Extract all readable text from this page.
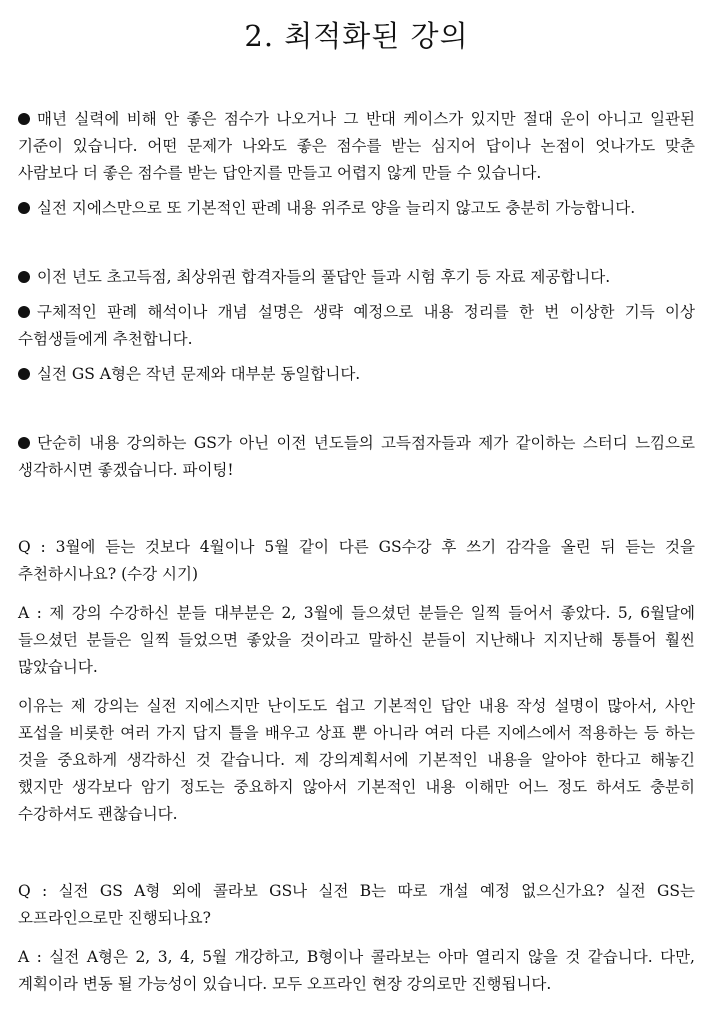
2. 최적화된 강의

매년 실력에 비해 안 좋은 점수가 나오거나 그 반대 케이스가 있지만 절대 운이 아니고 일관된 기준이 있습니다. 어떤 문제가 나와도 좋은 점수를 받는 심지어 답이나 논점이 엇나가도 맞춘 사람보다 더 좋은 점수를 받는 답안지를 만들고 어렵지 않게 만들 수 있습니다.

실전 지에스만으로 또 기본적인 판례 내용 위주로 양을 늘리지 않고도 충분히 가능합니다.

이전 년도 초고득점, 최상위권 합격자들의 풀답안 들과 시험 후기 등 자료 제공합니다.

구체적인 판례 해석이나 개념 설명은 생략 예정으로 내용 정리를 한 번 이상한 기득 이상 수험생들에게 추천합니다.

실전 GS A형은 작년 문제와 대부분 동일합니다.

단순히 내용 강의하는 GS가 아닌 이전 년도들의 고득점자들과 제가 같이하는 스터디 느낌으로 생각하시면 좋겠습니다. 파이팅!

Q : 3월에 듣는 것보다 4월이나 5월 같이 다른 GS수강 후 쓰기 감각을 올린 뒤 듣는 것을 추천하시나요? (수강 시기)

A : 제 강의 수강하신 분들 대부분은 2, 3월에 들으셨던 분들은 일찍 들어서 좋았다. 5, 6월달에 들으셨던 분들은 일찍 들었으면 좋았을 것이라고 말하신 분들이 지난해나 지지난해 통틀어 훨씬 많았습니다.

이유는 제 강의는 실전 지에스지만 난이도도 쉽고 기본적인 답안 내용 작성 설명이 많아서, 사안 포섭을 비롯한 여러 가지 답지 틀을 배우고 상표 뿐 아니라 여러 다른 지에스에서 적용하는 등 하는 것을 중요하게 생각하신 것 같습니다. 제 강의계획서에 기본적인 내용을 알아야 한다고 해놓긴 했지만 생각보다 암기 정도는 중요하지 않아서 기본적인 내용 이해만 어느 정도 하셔도 충분히 수강하셔도 괜찮습니다.

Q : 실전 GS A형 외에 콜라보 GS나 실전 B는 따로 개설 예정 없으신가요? 실전 GS는 오프라인으로만 진행되나요?

A : 실전 A형은 2, 3, 4, 5월 개강하고, B형이나 콜라보는 아마 열리지 않을 것 같습니다. 다만, 계획이라 변동 될 가능성이 있습니다. 모두 오프라인 현장 강의로만 진행됩니다.
